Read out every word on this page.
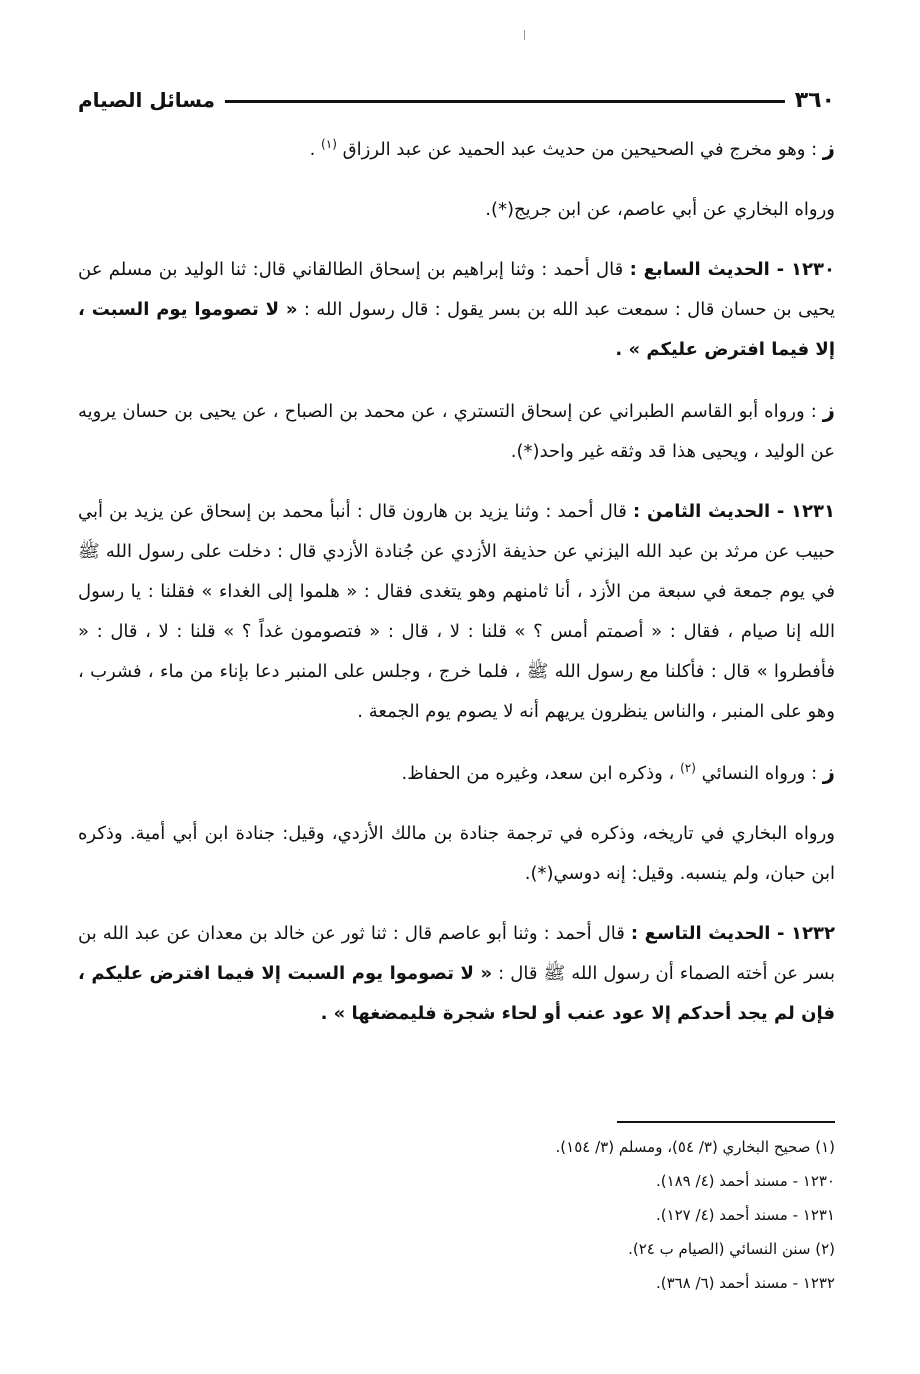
٣٦٠
مسائل الصيام

ز : وهو مخرج في الصحيحين من حديث عبد الحميد عن عبد الرزاق $^{(١)}$ .

ورواه البخاري عن أبي عاصم، عن ابن جريج(*).

١٢٣٠ - الحديث السابع : قال أحمد : وثنا إبراهيم بن إسحاق الطالقاني قال: ثنا الوليد بن مسلم عن يحيى بن حسان قال : سمعت عبد الله بن بسر يقول : قال رسول الله : « لا تصوموا يوم السبت ، إلا فيما افترض عليكم » .

ز : ورواه أبو القاسم الطبراني عن إسحاق التستري ، عن محمد بن الصباح ، عن يحيى بن حسان يرويه عن الوليد ، ويحيى هذا قد وثقه غير واحد(*).

١٢٣١ - الحديث الثامن : قال أحمد : وثنا يزيد بن هارون قال : أنبأ محمد بن إسحاق عن يزيد بن أبي حبيب عن مرثد بن عبد الله اليزني عن حذيفة الأزدي عن جُنادة الأزدي قال : دخلت على رسول الله ﷺ في يوم جمعة في سبعة من الأزد ، أنا ثامنهم وهو يتغدى فقال : « هلموا إلى الغداء » فقلنا : يا رسول الله إنا صيام ، فقال : « أصمتم أمس ؟ » قلنا : لا ، قال : « فتصومون غداً ؟ » قلنا : لا ، قال : « فأفطروا » قال : فأكلنا مع رسول الله ﷺ ، فلما خرج ، وجلس على المنبر دعا بإناء من ماء ، فشرب ، وهو على المنبر ، والناس ينظرون يريهم أنه لا يصوم يوم الجمعة .

ز : ورواه النسائي $^{(٢)}$ ، وذكره ابن سعد، وغيره من الحفاظ.

ورواه البخاري في تاريخه، وذكره في ترجمة جنادة بن مالك الأزدي، وقيل: جنادة ابن أبي أمية. وذكره ابن حبان، ولم ينسبه. وقيل: إنه دوسي(*).

١٢٣٢ - الحديث التاسع : قال أحمد : وثنا أبو عاصم قال : ثنا ثور عن خالد بن معدان عن عبد الله بن بسر عن أخته الصماء أن رسول الله ﷺ قال : « لا تصوموا يوم السبت إلا فيما افترض عليكم ، فإن لم يجد أحدكم إلا عود عنب أو لحاء شجرة فليمضغها » .

(١) صحيح البخاري (٣/ ٥٤)، ومسلم (٣/ ١٥٤).
١٢٣٠ - مسند أحمد (٤/ ١٨٩).
١٢٣١ - مسند أحمد (٤/ ١٢٧).
(٢) سنن النسائي (الصيام ب ٢٤).
١٢٣٢ - مسند أحمد (٦/ ٣٦٨).
